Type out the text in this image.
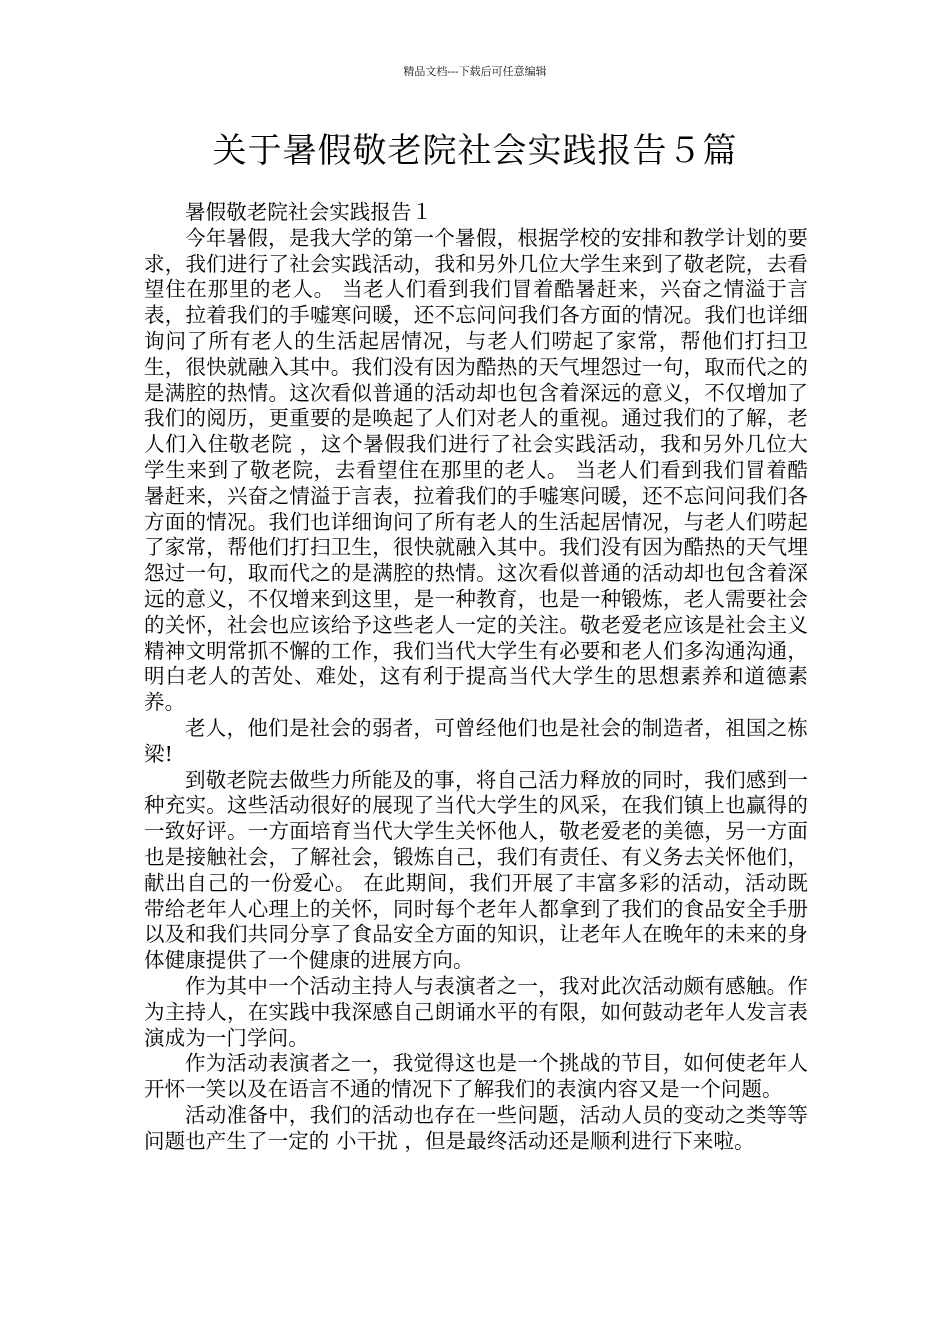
精品文档---下载后可任意编辑
关于暑假敬老院社会实践报告５篇

暑假敬老院社会实践报告１

今年暑假，是我大学的第一个暑假，根据学校的安排和教学计划的要求，我们进行了社会实践活动，我和另外几位大学生来到了敬老院，去看望住在那里的老人。 当老人们看到我们冒着酷暑赶来，兴奋之情溢于言表，拉着我们的手嘘寒问暖，还不忘问问我们各方面的情况。我们也详细询问了所有老人的生活起居情况，与老人们唠起了家常，帮他们打扫卫生，很快就融入其中。我们没有因为酷热的天气埋怨过一句，取而代之的是满腔的热情。这次看似普通的活动却也包含着深远的意义，不仅增加了我们的阅历，更重要的是唤起了人们对老人的重视。通过我们的了解，老人们入住敬老院 ，这个暑假我们进行了社会实践活动，我和另外几位大学生来到了敬老院，去看望住在那里的老人。 当老人们看到我们冒着酷暑赶来，兴奋之情溢于言表，拉着我们的手嘘寒问暖，还不忘问问我们各方面的情况。我们也详细询问了所有老人的生活起居情况，与老人们唠起了家常，帮他们打扫卫生，很快就融入其中。我们没有因为酷热的天气埋怨过一句，取而代之的是满腔的热情。这次看似普通的活动却也包含着深远的意义，不仅增来到这里，是一种教育，也是一种锻炼，老人需要社会的关怀，社会也应该给予这些老人一定的关注。敬老爱老应该是社会主义精神文明常抓不懈的工作，我们当代大学生有必要和老人们多沟通沟通，明白老人的苦处、难处，这有利于提高当代大学生的思想素养和道德素养。

老人，他们是社会的弱者，可曾经他们也是社会的制造者，祖国之栋梁!

到敬老院去做些力所能及的事，将自己活力释放的同时，我们感到一种充实。这些活动很好的展现了当代大学生的风采，在我们镇上也赢得的一致好评。一方面培育当代大学生关怀他人，敬老爱老的美德，另一方面也是接触社会，了解社会，锻炼自己，我们有责任、有义务去关怀他们，献出自己的一份爱心。 在此期间，我们开展了丰富多彩的活动，活动既带给老年人心理上的关怀，同时每个老年人都拿到了我们的食品安全手册以及和我们共同分享了食品安全方面的知识，让老年人在晚年的未来的身体健康提供了一个健康的进展方向。

作为其中一个活动主持人与表演者之一，我对此次活动颇有感触。作为主持人，在实践中我深感自己朗诵水平的有限，如何鼓动老年人发言表演成为一门学问。

作为活动表演者之一，我觉得这也是一个挑战的节目，如何使老年人开怀一笑以及在语言不通的情况下了解我们的表演内容又是一个问题。

活动准备中，我们的活动也存在一些问题，活动人员的变动之类等等问题也产生了一定的 小干扰 ，但是最终活动还是顺利进行下来啦。
